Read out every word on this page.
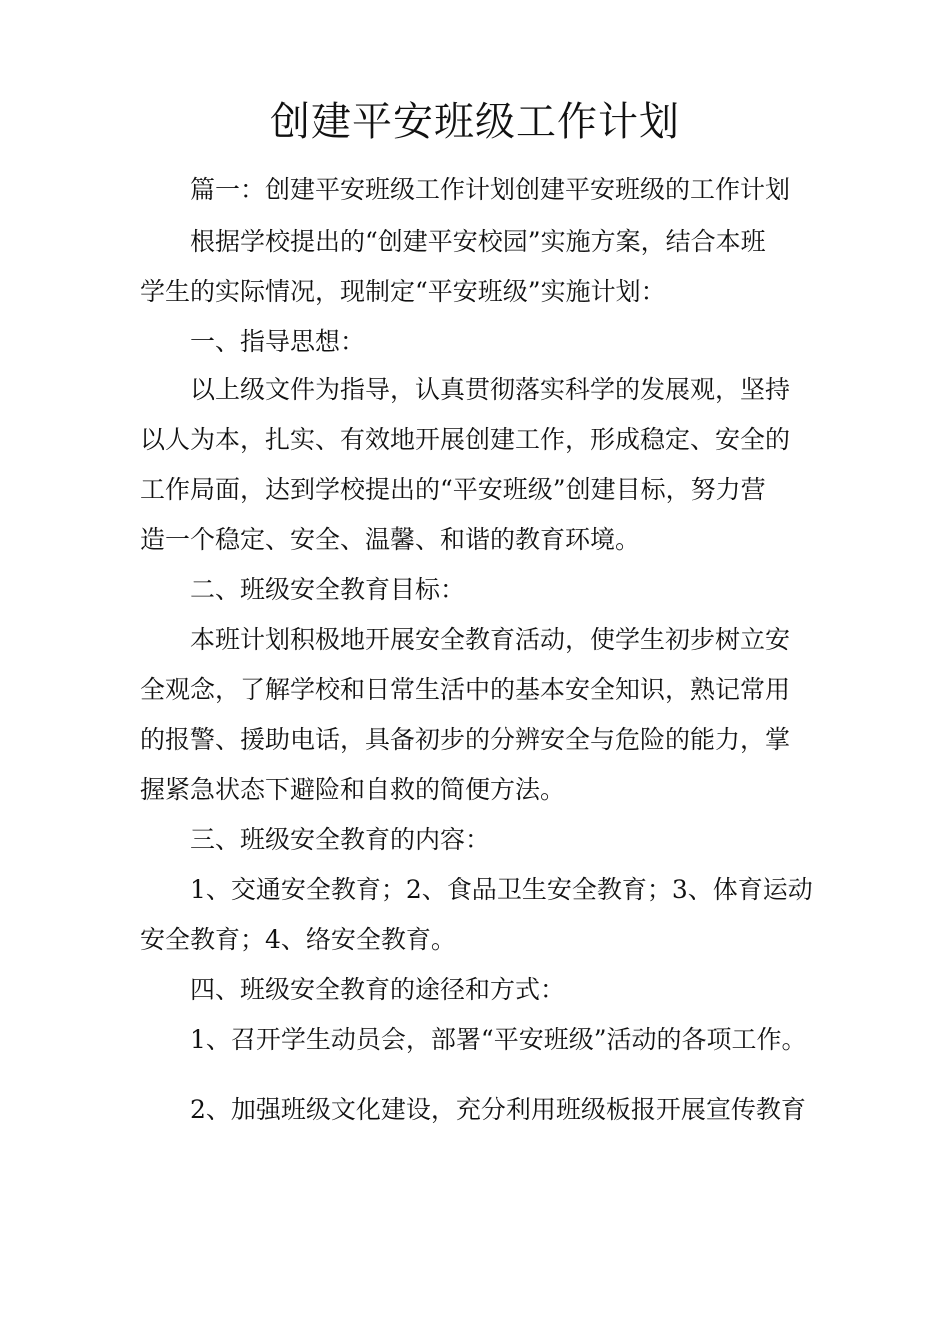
创建平安班级工作计划

篇一：创建平安班级工作计划创建平安班级的工作计划

根据学校提出的“创建平安校园”实施方案，结合本班

学生的实际情况，现制定“平安班级”实施计划：

一、指导思想：

以上级文件为指导，认真贯彻落实科学的发展观，坚持

以人为本，扎实、有效地开展创建工作，形成稳定、安全的

工作局面，达到学校提出的“平安班级”创建目标，努力营

造一个稳定、安全、温馨、和谐的教育环境。

二、班级安全教育目标：

本班计划积极地开展安全教育活动，使学生初步树立安

全观念，了解学校和日常生活中的基本安全知识，熟记常用

的报警、援助电话，具备初步的分辨安全与危险的能力，掌

握紧急状态下避险和自救的简便方法。

三、班级安全教育的内容：

1、交通安全教育；2、食品卫生安全教育；3、体育运动

安全教育；4、络安全教育。

四、班级安全教育的途径和方式：

1、召开学生动员会，部署“平安班级”活动的各项工作。

2、加强班级文化建设，充分利用班级板报开展宣传教育
